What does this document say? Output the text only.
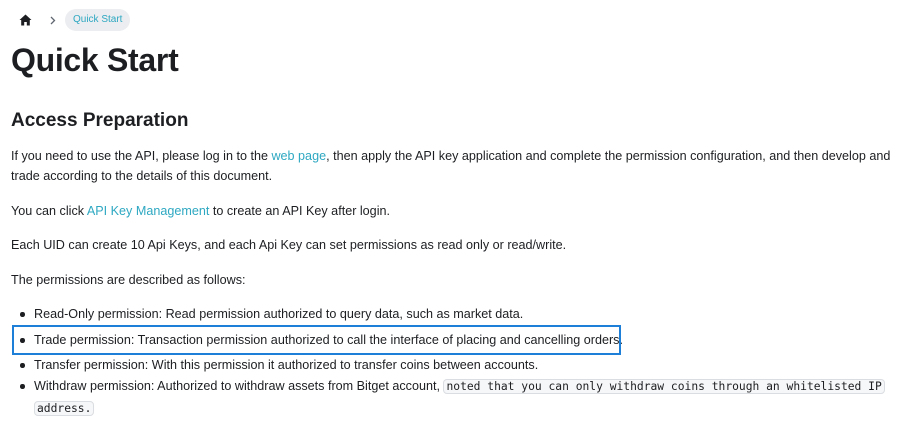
Quick Start
Quick Start
Access Preparation

If you need to use the API, please log in to the web page, then apply the API key application and complete the permission configuration, and then develop and trade according to the details of this document.

You can click API Key Management to create an API Key after login.

Each UID can create 10 Api Keys, and each Api Key can set permissions as read only or read/write.

The permissions are described as follows:

Read-Only permission: Read permission authorized to query data, such as market data.
Trade permission: Transaction permission authorized to call the interface of placing and cancelling orders.
Transfer permission: With this permission it authorized to transfer coins between accounts.
Withdraw permission: Authorized to withdraw assets from Bitget account, noted that you can only withdraw coins through an whitelisted IP
address.
